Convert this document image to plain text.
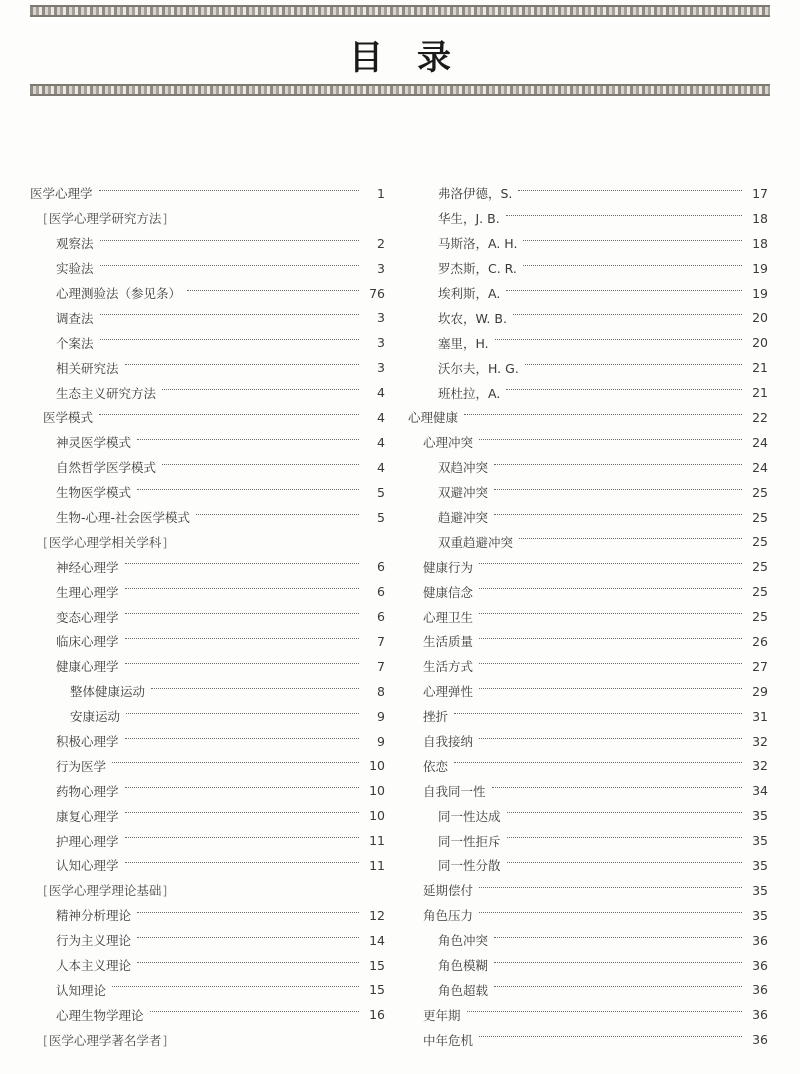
目录
医学心理学	1
[ 医学心理学研究方法 ]
观察法	2
实验法	3
心理测验法（参见条）	76
调查法	3
个案法	3
相关研究法	3
生态主义研究方法	4
医学模式	4
神灵医学模式	4
自然哲学医学模式	4
生物医学模式	5
生物-心理-社会医学模式	5
[ 医学心理学相关学科 ]
神经心理学	6
生理心理学	6
变态心理学	6
临床心理学	7
健康心理学	7
整体健康运动	8
安康运动	9
积极心理学	9
行为医学	10
药物心理学	10
康复心理学	10
护理心理学	11
认知心理学	11
[ 医学心理学理论基础 ]
精神分析理论	12
行为主义理论	14
人本主义理论	15
认知理论	15
心理生物学理论	16
[ 医学心理学著名学者 ]
弗洛伊德，S.	17
华生，J. B.	18
马斯洛，A. H.	18
罗杰斯，C. R.	19
埃利斯，A.	19
坎农，W. B.	20
塞里，H.	20
沃尔夫，H. G.	21
班杜拉，A.	21
心理健康	22
心理冲突	24
双趋冲突	24
双避冲突	25
趋避冲突	25
双重趋避冲突	25
健康行为	25
健康信念	25
心理卫生	25
生活质量	26
生活方式	27
心理弹性	29
挫折	31
自我接纳	32
依恋	32
自我同一性	34
同一性达成	35
同一性拒斥	35
同一性分散	35
延期偿付	35
角色压力	35
角色冲突	36
角色模糊	36
角色超载	36
更年期	36
中年危机	36
